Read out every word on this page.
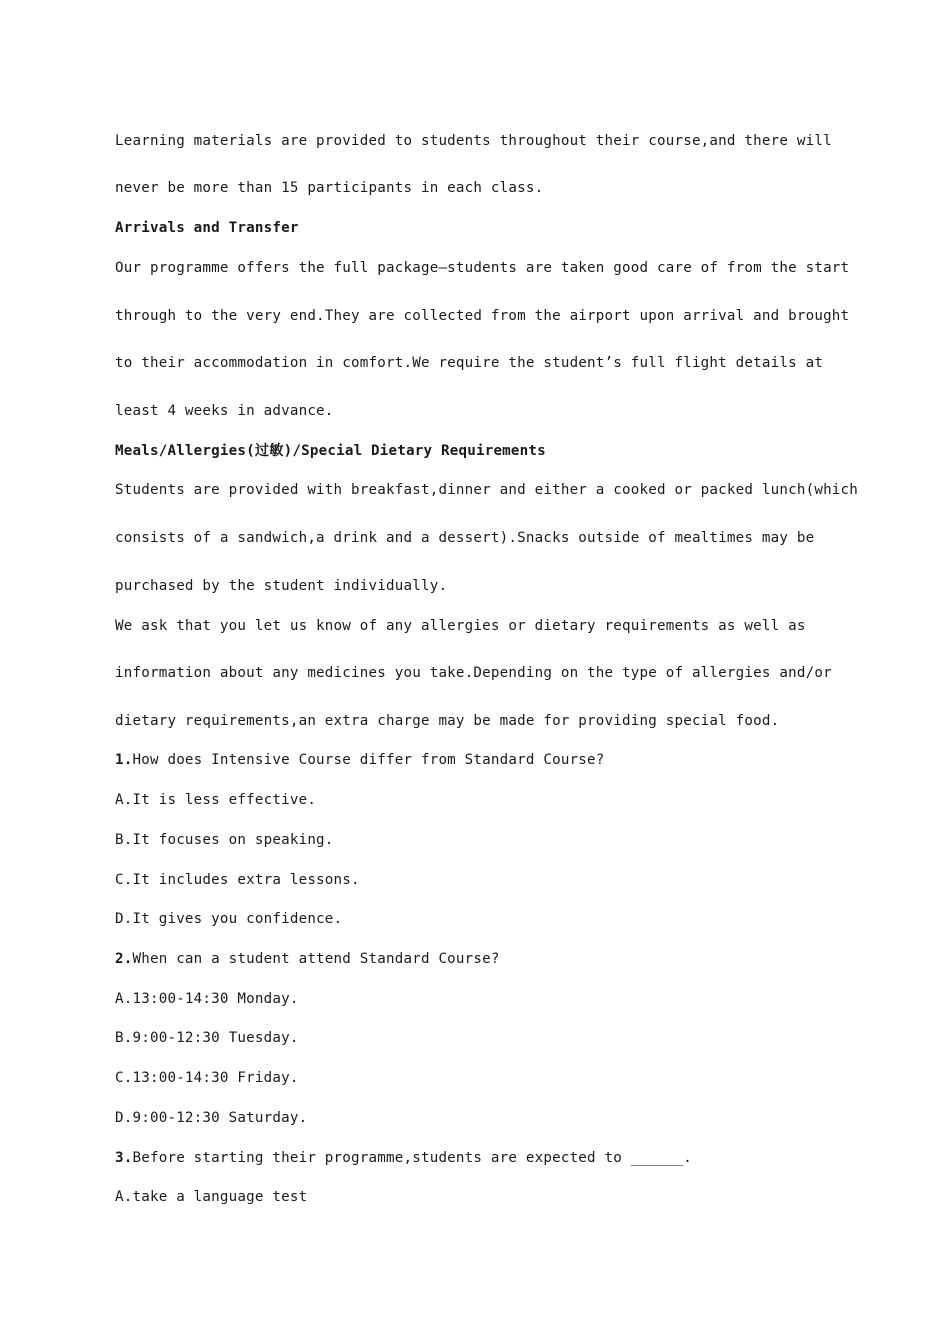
Learning materials are provided to students throughout their course,and there will
never be more than 15 participants in each class.
Arrivals and Transfer
Our programme offers the full package—students are taken good care of from the start
through to the very end.They are collected from the airport upon arrival and brought
to their accommodation in comfort.We require the student’s full flight details at
least 4 weeks in advance.
Meals/Allergies(过敏)/Special Dietary Requirements
Students are provided with breakfast,dinner and either a cooked or packed lunch(which
consists of a sandwich,a drink and a dessert).Snacks outside of mealtimes may be
purchased by the student individually.
We ask that you let us know of any allergies or dietary requirements as well as
information about any medicines you take.Depending on the type of allergies and/or
dietary requirements,an extra charge may be made for providing special food.
1.How does Intensive Course differ from Standard Course?
A.It is less effective.
B.It focuses on speaking.
C.It includes extra lessons.
D.It gives you confidence.
2.When can a student attend Standard Course?
A.13:00-14:30 Monday.
B.9:00-12:30 Tuesday.
C.13:00-14:30 Friday.
D.9:00-12:30 Saturday.
3.Before starting their programme,students are expected to ______.
A.take a language test
